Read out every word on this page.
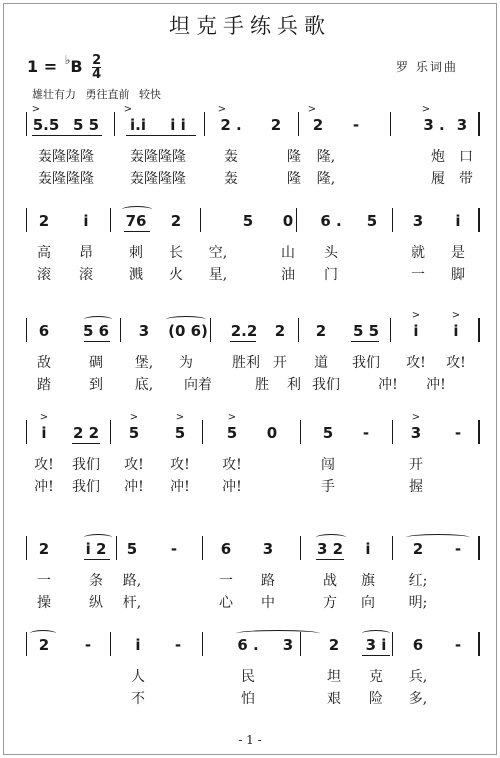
坦克手练兵歌
$1 = ^♭B \frac{2}{4}$	罗 乐词曲
雄壮有力 勇往直前 较快
5.5 5 5 i.i i i 2 . 2 2 -	3 . 3
>	>	>	>	>
轰隆隆隆	轰隆隆隆	轰	隆 隆,	炮 口
轰隆隆隆	轰隆隆隆	轰	隆 隆,	履 带
2 i 76 2	5 0 6 . 5 3 i
高 昂	刺 长 空,	山 头	就 是
滚 滚	溅 火 星,	油 门	一 脚
6 5 6 3 (0 6) 2.2 2 2 5 5 i i
>	>
敌	碉 堡, 为	胜利 开 道 我们 攻! 攻!
踏	到 底, 向着	胜 利 我们	冲! 冲!
i 2 2 5 5	5 0	5 -	3 -
>	>	>	>	>
攻! 我们 攻! 攻! 攻!	闯	开
冲! 我们 冲! 冲! 冲!	手	握
2 i 2 5 -	6 3	3 2 i	2 -
一	条 路,	一 路	战 旗 红;
操	纵 杆,	心 中	方 向 明;
2 -	i -	6 . 3 2 3 i 6 -
人	民	坦 克 兵,
不	怕	艰 险 多,
- 1 -
